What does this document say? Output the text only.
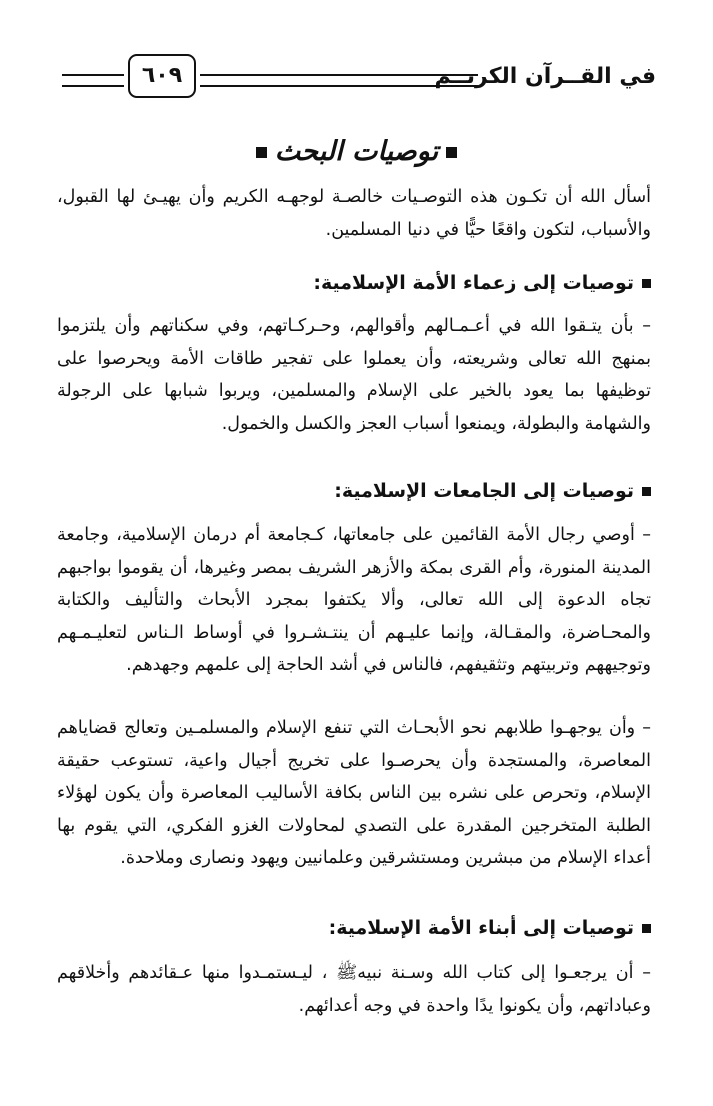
في القــرآن الكريــم
٦٠٩
توصيات البحث
أسأل الله أن تكـون هذه التوصـيات خالصـة لوجهـه الكريم وأن يهيـئ لها القبول، والأسباب، لتكون واقعًا حيًّا في دنيا المسلمين.
توصيات إلى زعماء الأمة الإسلامية:
– بأن يتـقوا الله في أعـمـالهم وأقوالهم، وحـركـاتهم، وفي سكناتهم وأن يلتزموا بمنهج الله تعالى وشريعته، وأن يعملوا على تفجير طاقات الأمة ويحرصوا على توظيفها بما يعود بالخير على الإسلام والمسلمين، ويربوا شبابها على الرجولة والشهامة والبطولة، ويمنعوا أسباب العجز والكسل والخمول.
توصيات إلى الجامعات الإسلامية:
– أوصي رجال الأمة القائمين على جامعاتها، كـجامعة أم درمان الإسلامية، وجامعة المدينة المنورة، وأم القرى بمكة والأزهر الشريف بمصر وغيرها، أن يقوموا بواجبهم تجاه الدعوة إلى الله تعالى، وألا يكتفوا بمجرد الأبحاث والتأليف والكتابة والمحـاضرة، والمقـالة، وإنما عليـهم أن ينتـشـروا في أوساط الـناس لتعليـمـهم وتوجيههم وتربيتهم وتثقيفهم، فالناس في أشد الحاجة إلى علمهم وجهدهم.
– وأن يوجهـوا طلابهم نحو الأبحـاث التي تنفع الإسلام والمسلمـين وتعالج قضاياهم المعاصرة، والمستجدة وأن يحرصـوا على تخريج أجيال واعية، تستوعب حقيقة الإسلام، وتحرص على نشره بين الناس بكافة الأساليب المعاصرة وأن يكون لهؤلاء الطلبة المتخرجين المقدرة على التصدي لمحاولات الغزو الفكري، التي يقوم بها أعداء الإسلام من مبشرين ومستشرقين وعلمانيين ويهود ونصارى وملاحدة.
توصيات إلى أبناء الأمة الإسلامية:
– أن يرجعـوا إلى كتاب الله وسـنة نبيهﷺ ، ليـستمـدوا منها عـقائدهم وأخلاقهم وعباداتهم، وأن يكونوا يدًا واحدة في وجه أعدائهم.
